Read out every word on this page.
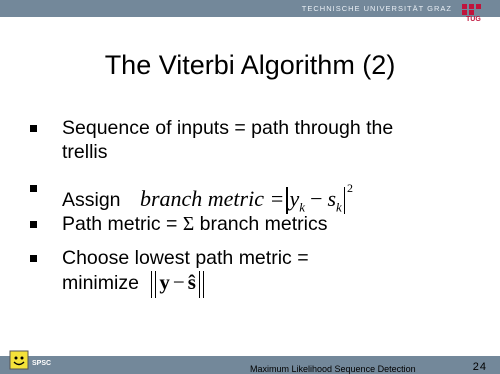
TECHNISCHE UNIVERSITÄT GRAZ
TUG
The Viterbi Algorithm (2)
Sequence of inputs = path through the
trellis
Assign branch metric = $y_k - s_k^2$
Path metric = Σ branch metrics
Choose lowest path metric =
minimize y − ŝ
SPSC
Maximum Likelihood Sequence Detection	24
